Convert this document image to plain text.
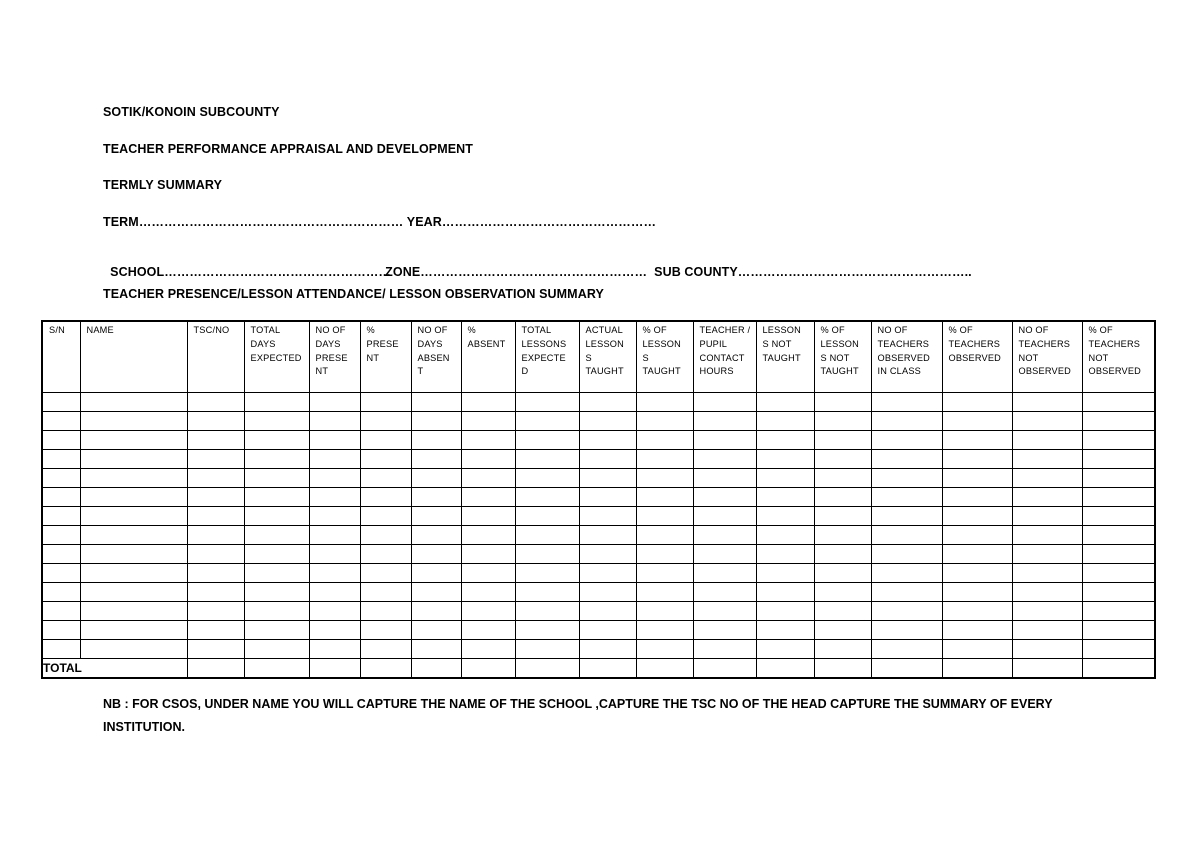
SOTIK/KONOIN SUBCOUNTY
TEACHER PERFORMANCE APPRAISAL AND DEVELOPMENT
TERMLY SUMMARY
TERM……………………………………………………… YEAR……………………………………………

SCHOOL………………………………………………ZONE……………………………………………… SUB COUNTY………………………………………………..

TEACHER PRESENCE/LESSON ATTENDANCE/ LESSON OBSERVATION SUMMARY
S/N	NAME	TSC/NO	TOTAL DAYS EXPECTED	NO OF DAYS PRESE NT	% PRESE NT	NO OF DAYS ABSEN T	% ABSENT	TOTAL LESSONS EXPECTE D	ACTUAL LESSON S TAUGHT	% OF LESSON S TAUGHT	TEACHER / PUPIL CONTACT HOURS	LESSON S NOT TAUGHT	% OF LESSON S NOT TAUGHT	NO OF TEACHERS OBSERVED IN CLASS	% OF TEACHERS OBSERVED	NO OF TEACHERS NOT OBSERVED	% OF TEACHERS NOT OBSERVED

TOTAL																	
NB : FOR CSOS, UNDER NAME YOU WILL CAPTURE THE NAME OF THE SCHOOL ,CAPTURE THE TSC NO OF THE HEAD CAPTURE THE SUMMARY OF EVERY INSTITUTION.
